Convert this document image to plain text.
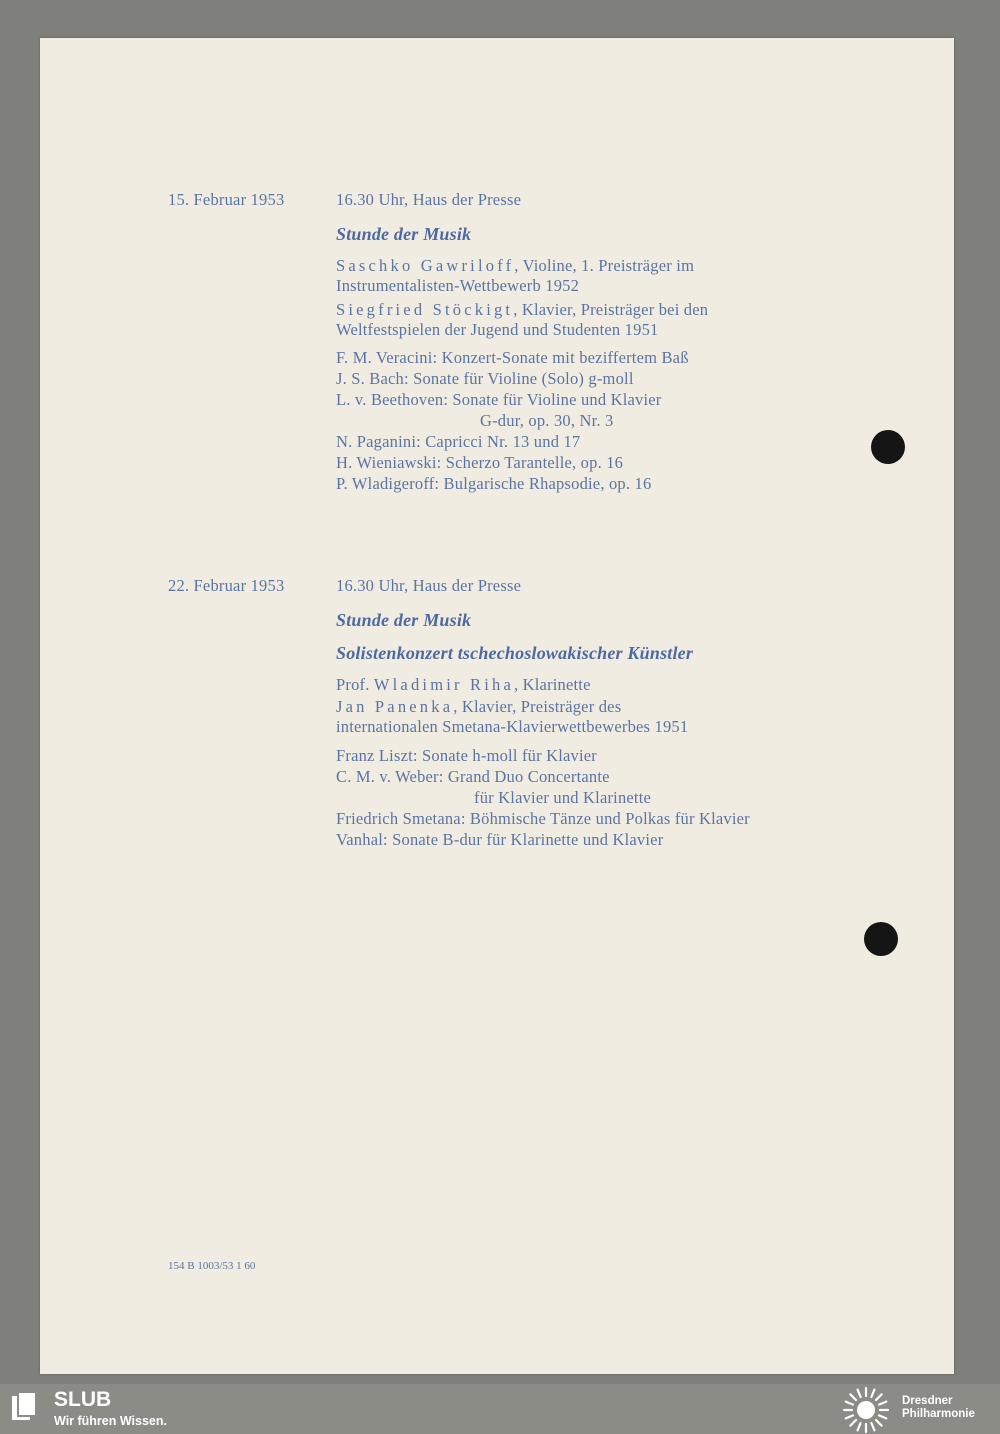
15. Februar 1953	16.30 Uhr, Haus der Presse
Stunde der Musik
Saschko Gawriloff, Violine, 1. Preisträger im
Instrumentalisten-Wettbewerb 1952
Siegfried Stöckigt, Klavier, Preisträger bei den
Weltfestspielen der Jugend und Studenten 1951
F. M. Veracini: Konzert-Sonate mit beziffertem Baß
J. S. Bach: Sonate für Violine (Solo) g-moll
L. v. Beethoven: Sonate für Violine und Klavier
G-dur, op. 30, Nr. 3
N. Paganini: Capricci Nr. 13 und 17
H. Wieniawski: Scherzo Tarantelle, op. 16
P. Wladigeroff: Bulgarische Rhapsodie, op. 16
22. Februar 1953	16.30 Uhr, Haus der Presse
Stunde der Musik
Solistenkonzert tschechoslowakischer Künstler
Prof. Wladimir Riha, Klarinette
Jan Panenka, Klavier, Preisträger des
internationalen Smetana-Klavierwettbewerbes 1951
Franz Liszt: Sonate h-moll für Klavier
C. M. v. Weber: Grand Duo Concertante
für Klavier und Klarinette
Friedrich Smetana: Böhmische Tänze und Polkas für Klavier
Vanhal: Sonate B-dur für Klarinette und Klavier
154 B 1003/53 1 60
SLUB
Wir führen Wissen.
Dresdner
Philharmonie
